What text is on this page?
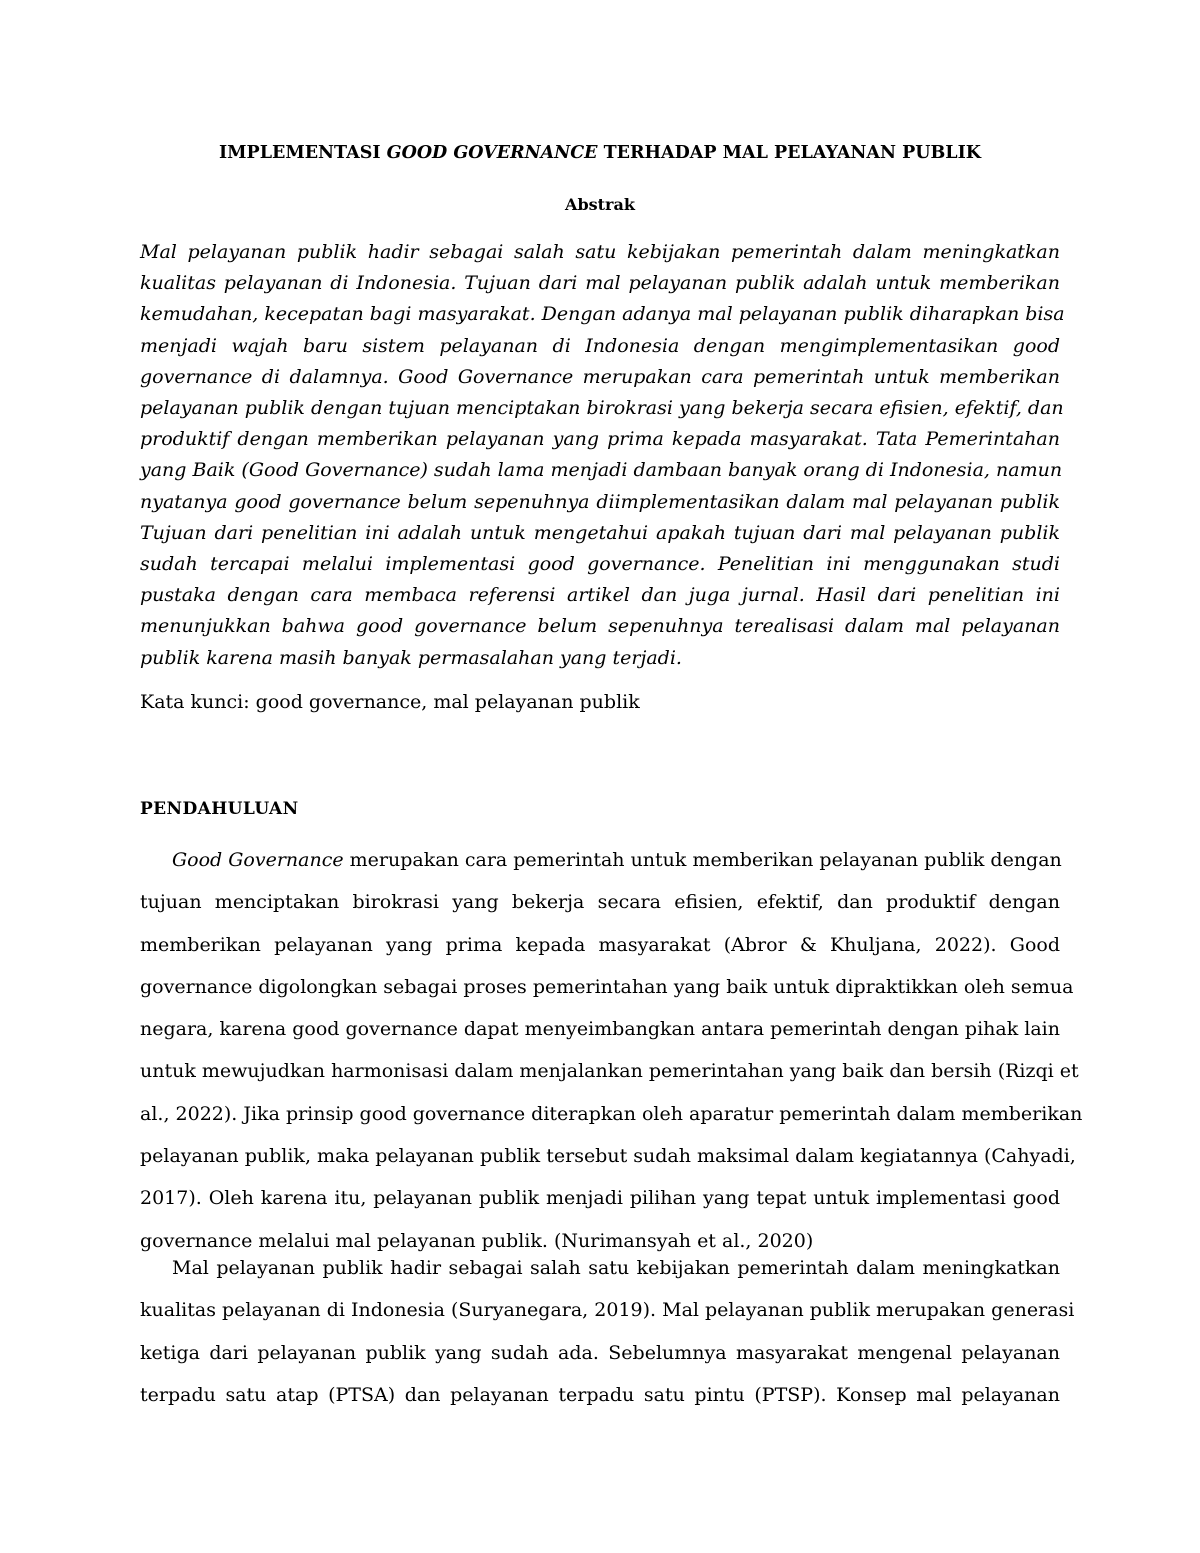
IMPLEMENTASI GOOD GOVERNANCE TERHADAP MAL PELAYANAN PUBLIK
Abstrak
Mal pelayanan publik hadir sebagai salah satu kebijakan pemerintah dalam meningkatkan
kualitas pelayanan di Indonesia. Tujuan dari mal pelayanan publik adalah untuk memberikan
kemudahan, kecepatan bagi masyarakat. Dengan adanya mal pelayanan publik diharapkan bisa
menjadi wajah baru sistem pelayanan di Indonesia dengan mengimplementasikan good
governance di dalamnya. Good Governance merupakan cara pemerintah untuk memberikan
pelayanan publik dengan tujuan menciptakan birokrasi yang bekerja secara efisien, efektif, dan
produktif dengan memberikan pelayanan yang prima kepada masyarakat. Tata Pemerintahan
yang Baik (Good Governance) sudah lama menjadi dambaan banyak orang di Indonesia, namun
nyatanya good governance belum sepenuhnya diimplementasikan dalam mal pelayanan publik
Tujuan dari penelitian ini adalah untuk mengetahui apakah tujuan dari mal pelayanan publik
sudah tercapai melalui implementasi good governance. Penelitian ini menggunakan studi
pustaka dengan cara membaca referensi artikel dan juga jurnal. Hasil dari penelitian ini
menunjukkan bahwa good governance belum sepenuhnya terealisasi dalam mal pelayanan
publik karena masih banyak permasalahan yang terjadi.
Kata kunci: good governance, mal pelayanan publik
PENDAHULUAN
Good Governance merupakan cara pemerintah untuk memberikan pelayanan publik dengan
tujuan menciptakan birokrasi yang bekerja secara efisien, efektif, dan produktif dengan
memberikan pelayanan yang prima kepada masyarakat (Abror & Khuljana, 2022). Good
governance digolongkan sebagai proses pemerintahan yang baik untuk dipraktikkan oleh semua
negara, karena good governance dapat menyeimbangkan antara pemerintah dengan pihak lain
untuk mewujudkan harmonisasi dalam menjalankan pemerintahan yang baik dan bersih (Rizqi et
al., 2022). Jika prinsip good governance diterapkan oleh aparatur pemerintah dalam memberikan
pelayanan publik, maka pelayanan publik tersebut sudah maksimal dalam kegiatannya (Cahyadi,
2017). Oleh karena itu, pelayanan publik menjadi pilihan yang tepat untuk implementasi good
governance melalui mal pelayanan publik. (Nurimansyah et al., 2020)
Mal pelayanan publik hadir sebagai salah satu kebijakan pemerintah dalam meningkatkan
kualitas pelayanan di Indonesia (Suryanegara, 2019). Mal pelayanan publik merupakan generasi
ketiga dari pelayanan publik yang sudah ada. Sebelumnya masyarakat mengenal pelayanan
terpadu satu atap (PTSA) dan pelayanan terpadu satu pintu (PTSP). Konsep mal pelayanan
